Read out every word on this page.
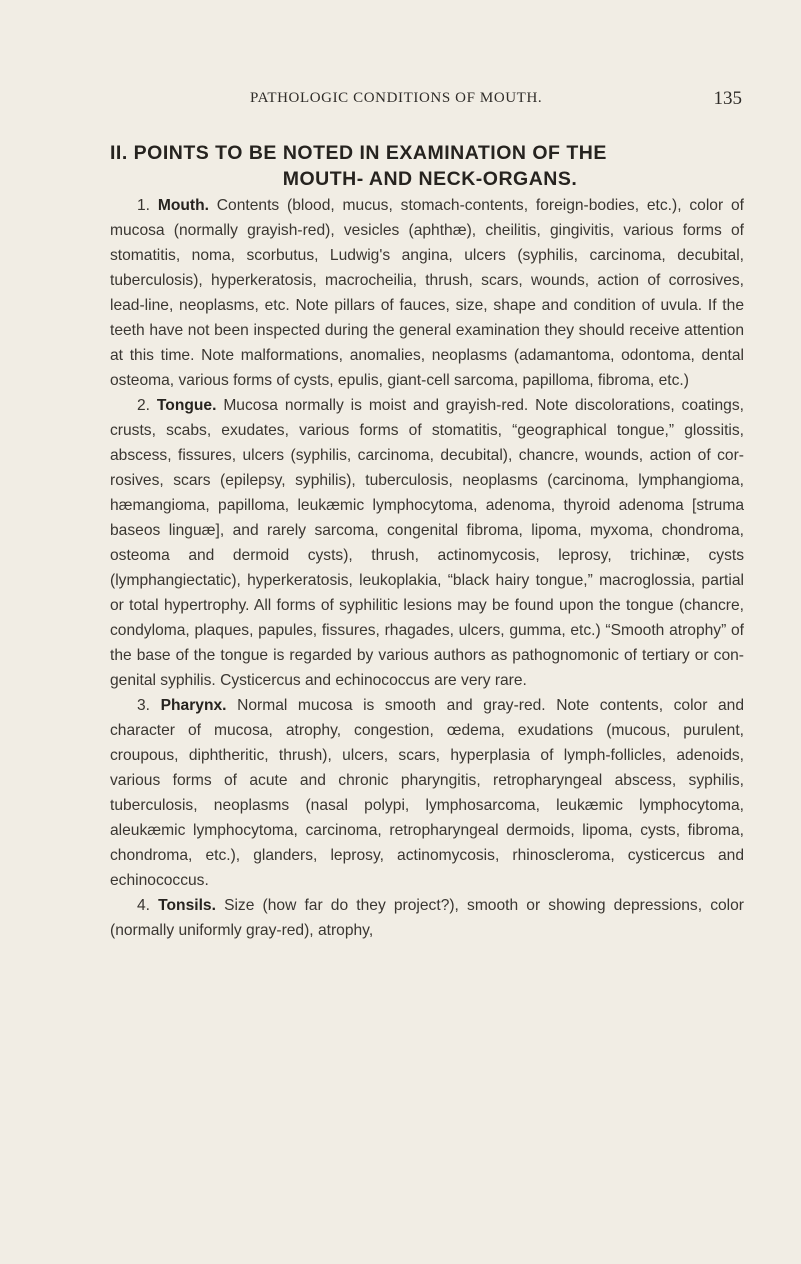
PATHOLOGIC CONDITIONS OF MOUTH.	135
II. POINTS TO BE NOTED IN EXAMINATION OF THE
MOUTH- AND NECK-ORGANS.

1. Mouth. Contents (blood, mucus, stomach-contents, foreign-bodies, etc.), color of mucosa (normally grayish-red), vesicles (aphthæ), cheilitis, gingivitis, various forms of stomatitis, noma, scorbutus, Ludwig's angina, ulcers (syphilis, carcinoma, decubital, tuberculosis), hyperkeratosis, macrocheilia, thrush, scars, wounds, action of corrosives, lead-line, neoplasms, etc. Note pillars of fauces, size, shape and condition of uvula. If the teeth have not been inspected during the general examination they should receive attention at this time. Note malformations, anomalies, neoplasms (adamantoma, odontoma, dental osteoma, various forms of cysts, epulis, giant-cell sarcoma, papilloma, fibroma, etc.)

2. Tongue. Mucosa normally is moist and grayish-red. Note discolorations, coatings, crusts, scabs, exudates, various forms of stomatitis, “geographical tongue,” glossitis, abscess, fissures, ulcers (syphilis, carcinoma, decubital), chancre, wounds, action of corrosives, scars (epilepsy, syphilis), tuberculosis, neoplasms (carcinoma, lymphangioma, hæmangioma, papilloma, leukæmic lymphocytoma, adenoma, thyroid adenoma [struma baseos linguæ], and rarely sarcoma, congenital fibroma, lipoma, myxoma, chondroma, osteoma and dermoid cysts), thrush, actinomycosis, leprosy, trichinæ, cysts (lymphangiectatic), hyperkeratosis, leukoplakia, “black hairy tongue,” macroglossia, partial or total hypertrophy. All forms of syphilitic lesions may be found upon the tongue (chancre, condyloma, plaques, papules, fissures, rhagades, ulcers, gumma, etc.) “Smooth atrophy” of the base of the tongue is regarded by various authors as pathognomonic of tertiary or congenital syphilis. Cysticercus and echinococcus are very rare.

3. Pharynx. Normal mucosa is smooth and gray-red. Note contents, color and character of mucosa, atrophy, congestion, œdema, exudations (mucous, purulent, croupous, diphtheritic, thrush), ulcers, scars, hyperplasia of lymph-follicles, adenoids, various forms of acute and chronic pharyngitis, retropharyngeal abscess, syphilis, tuberculosis, neoplasms (nasal polypi, lymphosarcoma, leukæmic lymphocytoma, aleukæmic lymphocytoma, carcinoma, retropharyngeal dermoids, lipoma, cysts, fibroma, chondroma, etc.), glanders, leprosy, actinomycosis, rhinoscleroma, cysticercus and echinococcus.

4. Tonsils. Size (how far do they project?), smooth or showing depressions, color (normally uniformly gray-red), atrophy,
